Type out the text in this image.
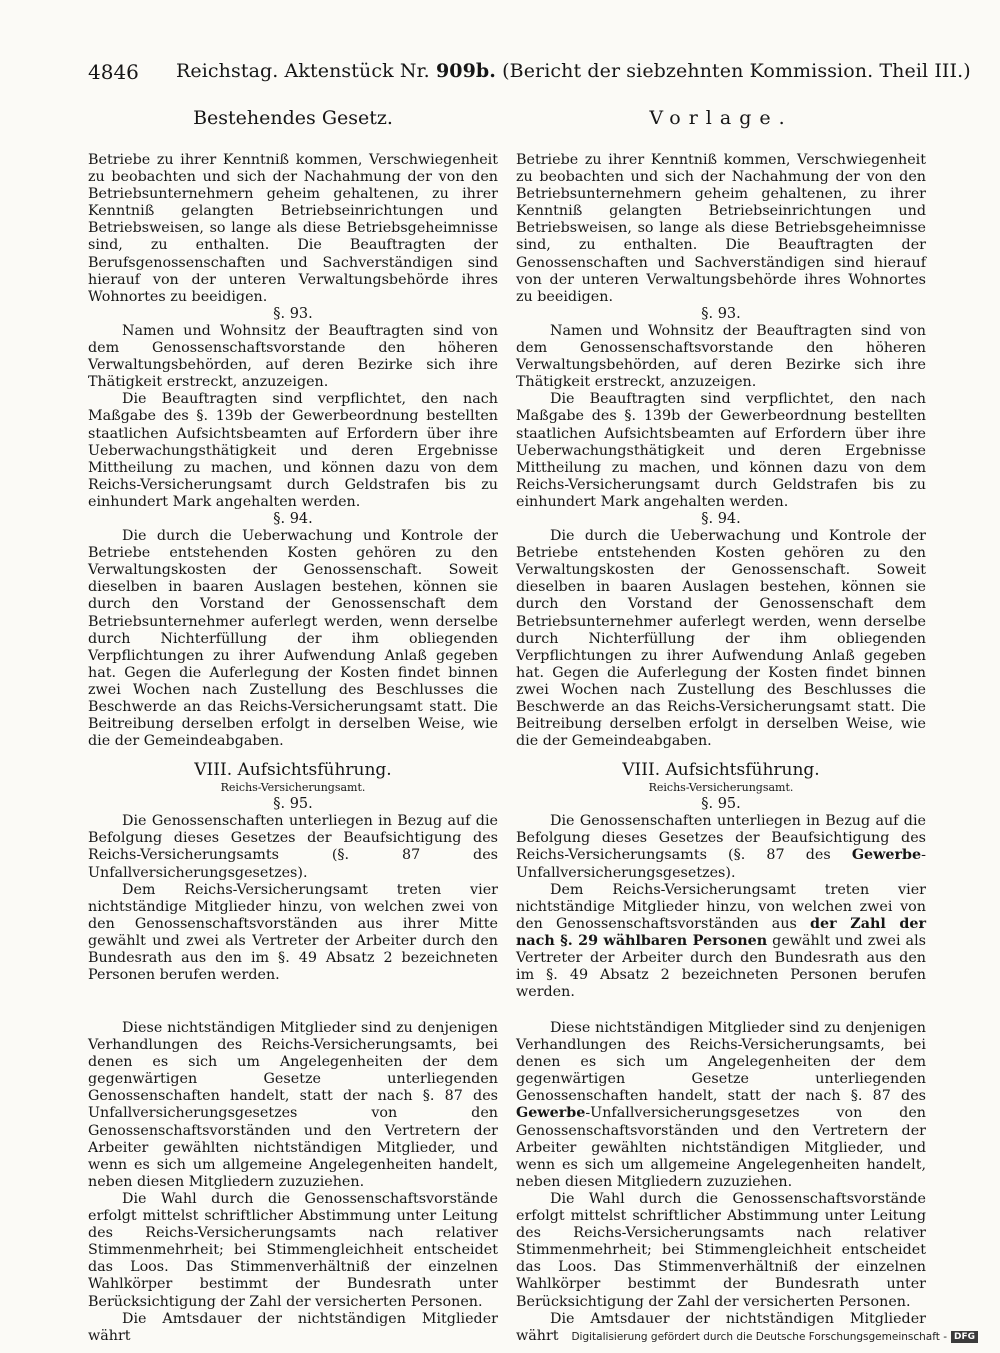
4846 Reichstag. Aktenstück Nr. 909b. (Bericht der siebzehnten Kommission. Theil III.)

Bestehendes Gesetz.

Betriebe zu ihrer Kenntniß kommen, Verschwiegenheit zu beobachten und sich der Nachahmung der von den Betriebsunternehmern geheim gehaltenen, zu ihrer Kenntniß gelangten Betriebseinrichtungen und Betriebsweisen, so lange als diese Betriebsgeheimnisse sind, zu enthalten. Die Beauftragten der Berufsgenossenschaften und Sachverständigen sind hierauf von der unteren Verwaltungsbehörde ihres Wohnortes zu beeidigen.

§. 93.

Namen und Wohnsitz der Beauftragten sind von dem Genossenschaftsvorstande den höheren Verwaltungsbehörden, auf deren Bezirke sich ihre Thätigkeit erstreckt, anzuzeigen.

Die Beauftragten sind verpflichtet, den nach Maßgabe des §. 139b der Gewerbeordnung bestellten staatlichen Aufsichtsbeamten auf Erfordern über ihre Ueberwachungsthätigkeit und deren Ergebnisse Mittheilung zu machen, und können dazu von dem Reichs-Versicherungsamt durch Geldstrafen bis zu einhundert Mark angehalten werden.

§. 94.

Die durch die Ueberwachung und Kontrole der Betriebe entstehenden Kosten gehören zu den Verwaltungskosten der Genossenschaft. Soweit dieselben in baaren Auslagen bestehen, können sie durch den Vorstand der Genossenschaft dem Betriebsunternehmer auferlegt werden, wenn derselbe durch Nichterfüllung der ihm obliegenden Verpflichtungen zu ihrer Aufwendung Anlaß gegeben hat. Gegen die Auferlegung der Kosten findet binnen zwei Wochen nach Zustellung des Beschlusses die Beschwerde an das Reichs-Versicherungsamt statt. Die Beitreibung derselben erfolgt in derselben Weise, wie die der Gemeindeabgaben.

VIII. Aufsichtsführung.

Reichs-Versicherungsamt.

§. 95.

Die Genossenschaften unterliegen in Bezug auf die Befolgung dieses Gesetzes der Beaufsichtigung des Reichs-Versicherungsamts (§. 87 des Unfallversicherungsgesetzes).

Dem Reichs-Versicherungsamt treten vier nichtständige Mitglieder hinzu, von welchen zwei von den Genossenschaftsvorständen aus ihrer Mitte gewählt und zwei als Vertreter der Arbeiter durch den Bundesrath aus den im §. 49 Absatz 2 bezeichneten Personen berufen werden.

Diese nichtständigen Mitglieder sind zu denjenigen Verhandlungen des Reichs-Versicherungsamts, bei denen es sich um Angelegenheiten der dem gegenwärtigen Gesetze unterliegenden Genossenschaften handelt, statt der nach §. 87 des Unfallversicherungsgesetzes von den Genossenschaftsvorständen und den Vertretern der Arbeiter gewählten nichtständigen Mitglieder, und wenn es sich um allgemeine Angelegenheiten handelt, neben diesen Mitgliedern zuzuziehen.

Die Wahl durch die Genossenschaftsvorstände erfolgt mittelst schriftlicher Abstimmung unter Leitung des Reichs-Versicherungsamts nach relativer Stimmenmehrheit; bei Stimmengleichheit entscheidet das Loos. Das Stimmenverhältniß der einzelnen Wahlkörper bestimmt der Bundesrath unter Berücksichtigung der Zahl der versicherten Personen.

Die Amtsdauer der nichtständigen Mitglieder währt

Vorlage.

Betriebe zu ihrer Kenntniß kommen, Verschwiegenheit zu beobachten und sich der Nachahmung der von den Betriebsunternehmern geheim gehaltenen, zu ihrer Kenntniß gelangten Betriebseinrichtungen und Betriebsweisen, so lange als diese Betriebsgeheimnisse sind, zu enthalten. Die Beauftragten der Genossenschaften und Sachverständigen sind hierauf von der unteren Verwaltungsbehörde ihres Wohnortes zu beeidigen.

§. 93.

Namen und Wohnsitz der Beauftragten sind von dem Genossenschaftsvorstande den höheren Verwaltungsbehörden, auf deren Bezirke sich ihre Thätigkeit erstreckt, anzuzeigen.

Die Beauftragten sind verpflichtet, den nach Maßgabe des §. 139b der Gewerbeordnung bestellten staatlichen Aufsichtsbeamten auf Erfordern über ihre Ueberwachungsthätigkeit und deren Ergebnisse Mittheilung zu machen, und können dazu von dem Reichs-Versicherungsamt durch Geldstrafen bis zu einhundert Mark angehalten werden.

§. 94.

Die durch die Ueberwachung und Kontrole der Betriebe entstehenden Kosten gehören zu den Verwaltungskosten der Genossenschaft. Soweit dieselben in baaren Auslagen bestehen, können sie durch den Vorstand der Genossenschaft dem Betriebsunternehmer auferlegt werden, wenn derselbe durch Nichterfüllung der ihm obliegenden Verpflichtungen zu ihrer Aufwendung Anlaß gegeben hat. Gegen die Auferlegung der Kosten findet binnen zwei Wochen nach Zustellung des Beschlusses die Beschwerde an das Reichs-Versicherungsamt statt. Die Beitreibung derselben erfolgt in derselben Weise, wie die der Gemeindeabgaben.

VIII. Aufsichtsführung.

Reichs-Versicherungsamt.

§. 95.

Die Genossenschaften unterliegen in Bezug auf die Befolgung dieses Gesetzes der Beaufsichtigung des Reichs-Versicherungsamts (§. 87 des Gewerbe-Unfallversicherungsgesetzes).

Dem Reichs-Versicherungsamt treten vier nichtständige Mitglieder hinzu, von welchen zwei von den Genossenschaftsvorständen aus der Zahl der nach §. 29 wählbaren Personen gewählt und zwei als Vertreter der Arbeiter durch den Bundesrath aus den im §. 49 Absatz 2 bezeichneten Personen berufen werden.

Diese nichtständigen Mitglieder sind zu denjenigen Verhandlungen des Reichs-Versicherungsamts, bei denen es sich um Angelegenheiten der dem gegenwärtigen Gesetze unterliegenden Genossenschaften handelt, statt der nach §. 87 des Gewerbe-Unfallversicherungsgesetzes von den Genossenschaftsvorständen und den Vertretern der Arbeiter gewählten nichtständigen Mitglieder, und wenn es sich um allgemeine Angelegenheiten handelt, neben diesen Mitgliedern zuzuziehen.

Die Wahl durch die Genossenschaftsvorstände erfolgt mittelst schriftlicher Abstimmung unter Leitung des Reichs-Versicherungsamts nach relativer Stimmenmehrheit; bei Stimmengleichheit entscheidet das Loos. Das Stimmenverhältniß der einzelnen Wahlkörper bestimmt der Bundesrath unter Berücksichtigung der Zahl der versicherten Personen.

Die Amtsdauer der nichtständigen Mitglieder währt	Digitalisierung gefördert durch die Deutsche Forschungsgemeinschaft - DFG
